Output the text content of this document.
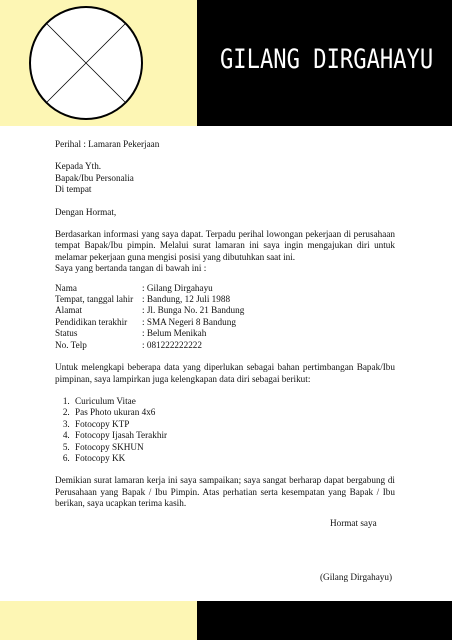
GILANG DIRGAHAYU

Perihal : Lamaran Pekerjaan

Kepada Yth.

Bapak/Ibu Personalia

Di tempat

Dengan Hormat,

Berdasarkan informasi yang saya dapat. Terpadu perihal lowongan pekerjaan di perusahaan tempat Bapak/Ibu pimpin. Melalui surat lamaran ini saya ingin mengajukan diri untuk melamar pekerjaan guna mengisi posisi yang dibutuhkan saat ini.

Saya yang bertanda tangan di bawah ini :

Nama	: Gilang Dirgahayu
Tempat, tanggal lahir	: Bandung, 12 Juli 1988
Alamat	: Jl. Bunga No. 21 Bandung
Pendidikan terakhir	: SMA Negeri 8 Bandung
Status	: Belum Menikah
No. Telp	: 081222222222

Untuk melengkapi beberapa data yang diperlukan sebagai bahan pertimbangan Bapak/Ibu pimpinan, saya lampirkan juga kelengkapan data diri sebagai berikut:

1. Curiculum Vitae
2. Pas Photo ukuran 4x6
3. Fotocopy KTP
4. Fotocopy Ijasah Terakhir
5. Fotocopy SKHUN
6. Fotocopy KK

Demikian surat lamaran kerja ini saya sampaikan; saya sangat berharap dapat bergabung di Perusahaan yang Bapak / Ibu Pimpin. Atas perhatian serta kesempatan yang Bapak / Ibu berikan, saya ucapkan terima kasih.

Hormat saya
(Gilang Dirgahayu)
